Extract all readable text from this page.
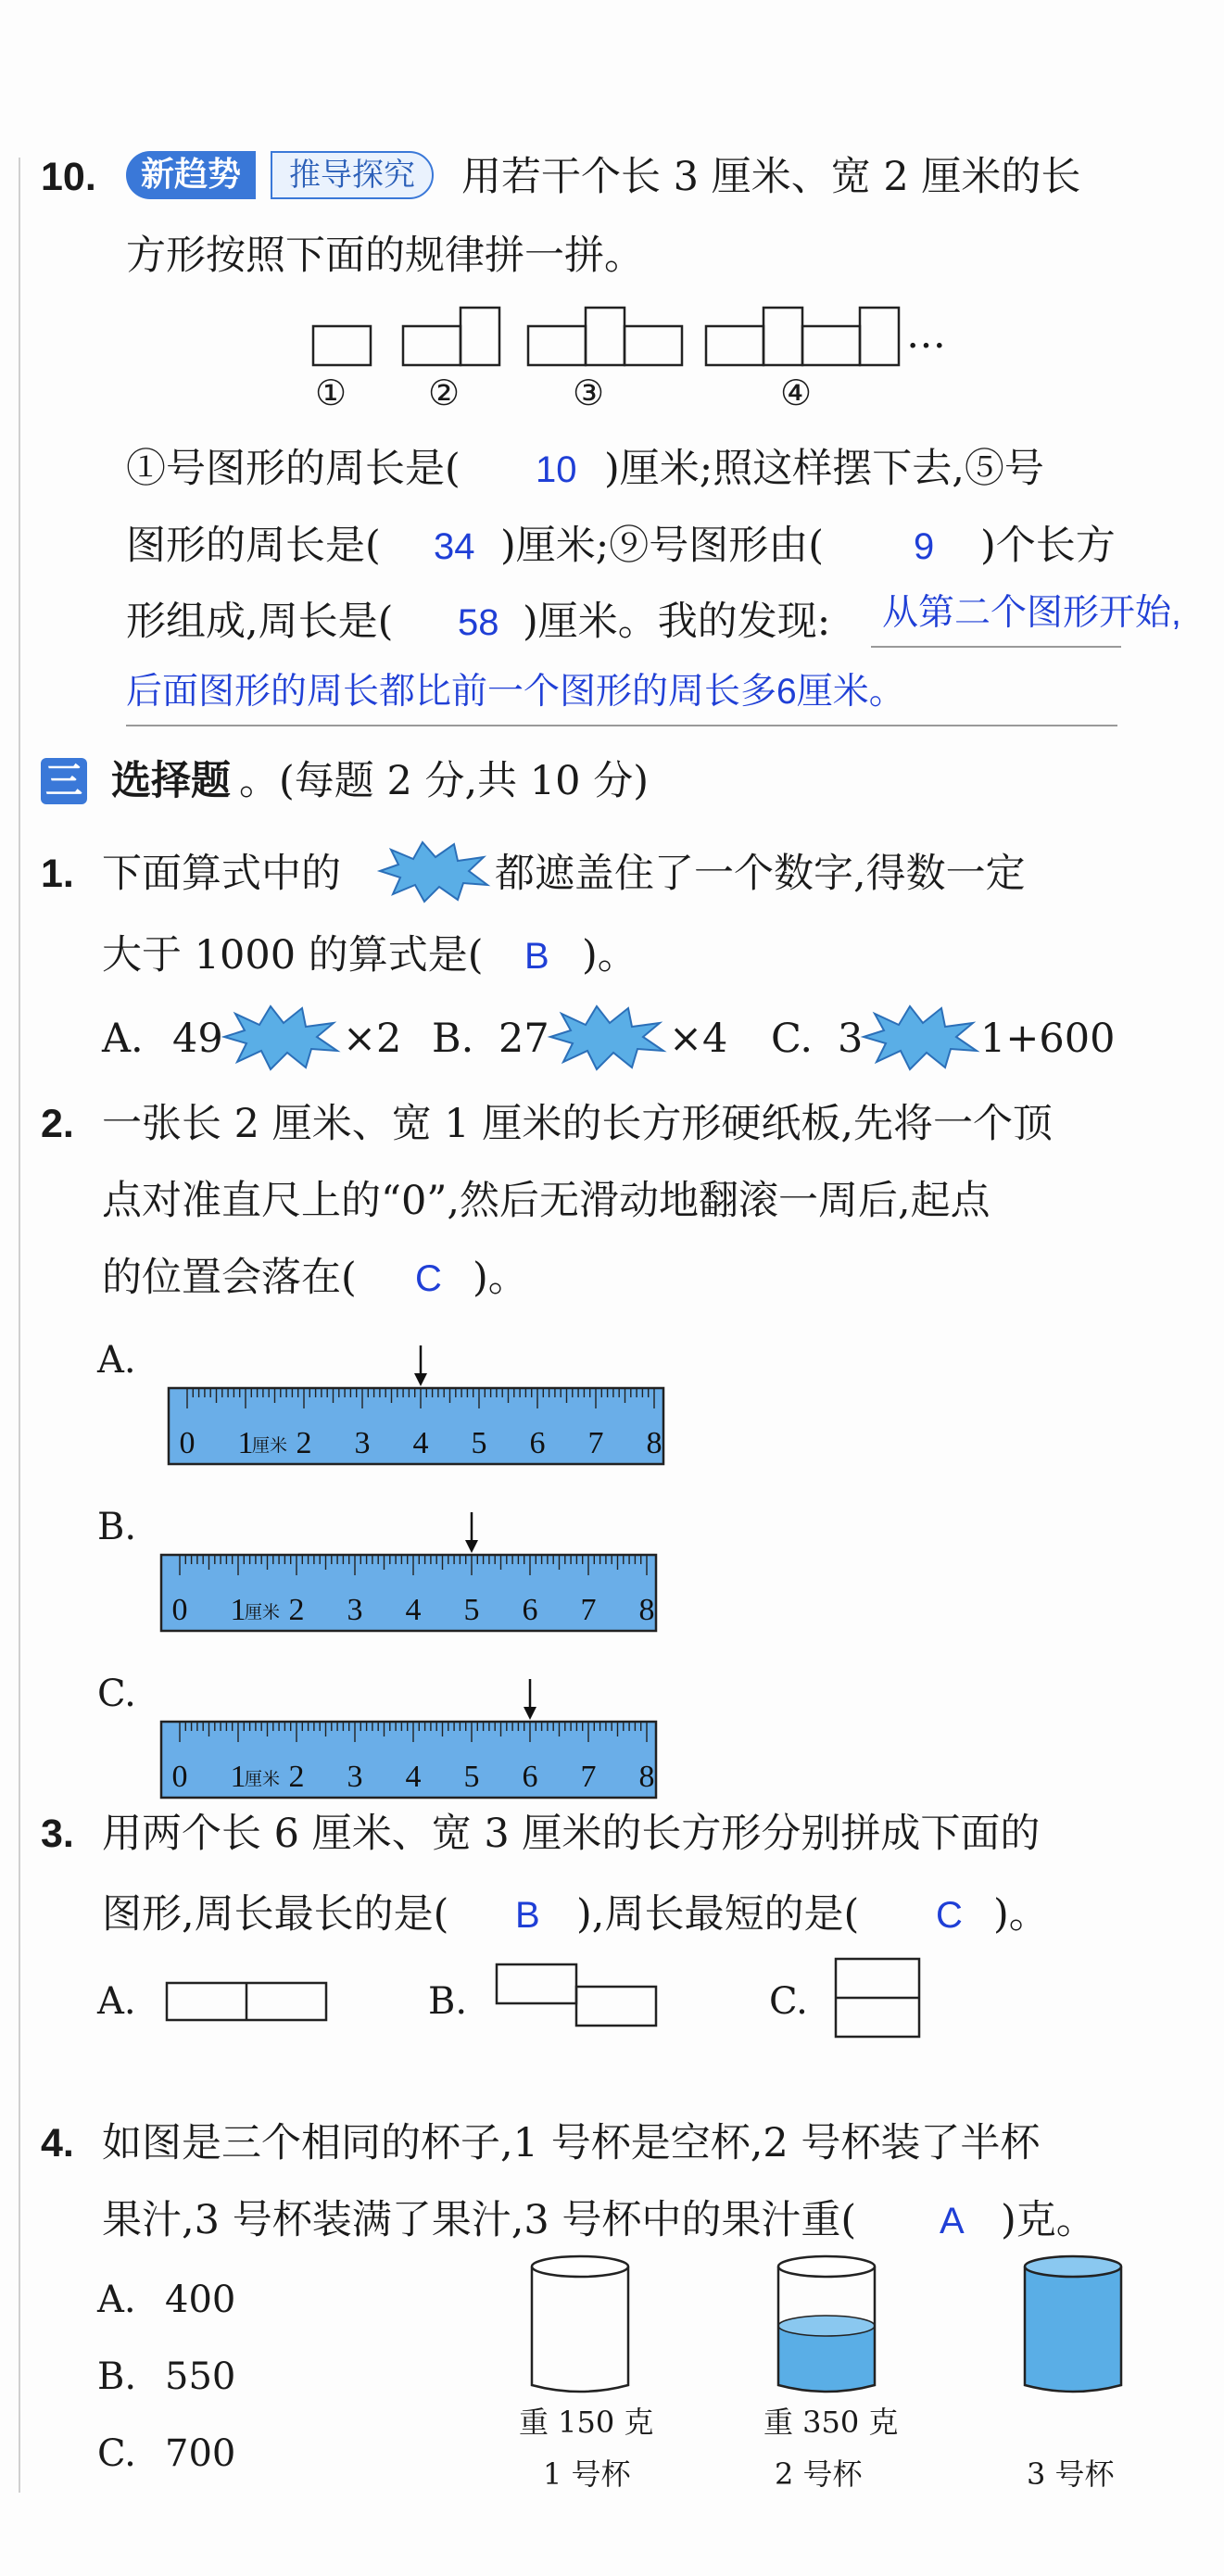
10.	新趋势	推导探究	用若干个长 3 厘米、宽 2 厘米的长
方形按照下面的规律拼一拼。
…
① ②	③	④
①号图形的周长是( 10 )厘米;照这样摆下去,⑤号
图形的周长是( 34 )厘米;⑨号图形由( 9 )个长方
形组成,周长是( 58 )厘米。我的发现: 从第二个图形开始,
后面图形的周长都比前一个图形的周长多6厘米。
三 选择题 。(每题 2 分,共 10 分)
1. 下面算式中的	都遮盖住了一个数字,得数一定
大于 1000 的算式是( B )。
A. 49	×2 B. 27	×4 C. 3	1+600
2. 一张长 2 厘米、宽 1 厘米的长方形硬纸板,先将一个顶
点对准直尺上的“0”,然后无滑动地翻滚一周后,起点
的位置会落在( C )。
A.
B.
C.
0 1 2 3 4 5 6 7 8
厘米
0 1 2 3 4 5 6 7 8
厘米
0 1 2 3 4 5 6 7 8
厘米
3. 用两个长 6 厘米、宽 3 厘米的长方形分别拼成下面的
图形,周长最长的是( B ),周长最短的是( C )。
A.	B.	C.
4. 如图是三个相同的杯子,1 号杯是空杯,2 号杯装了半杯
果汁,3 号杯装满了果汁,3 号杯中的果汁重( A )克。
A. 400
B. 550
C. 700
重 150 克	重 350 克
1 号杯	2 号杯	3 号杯
